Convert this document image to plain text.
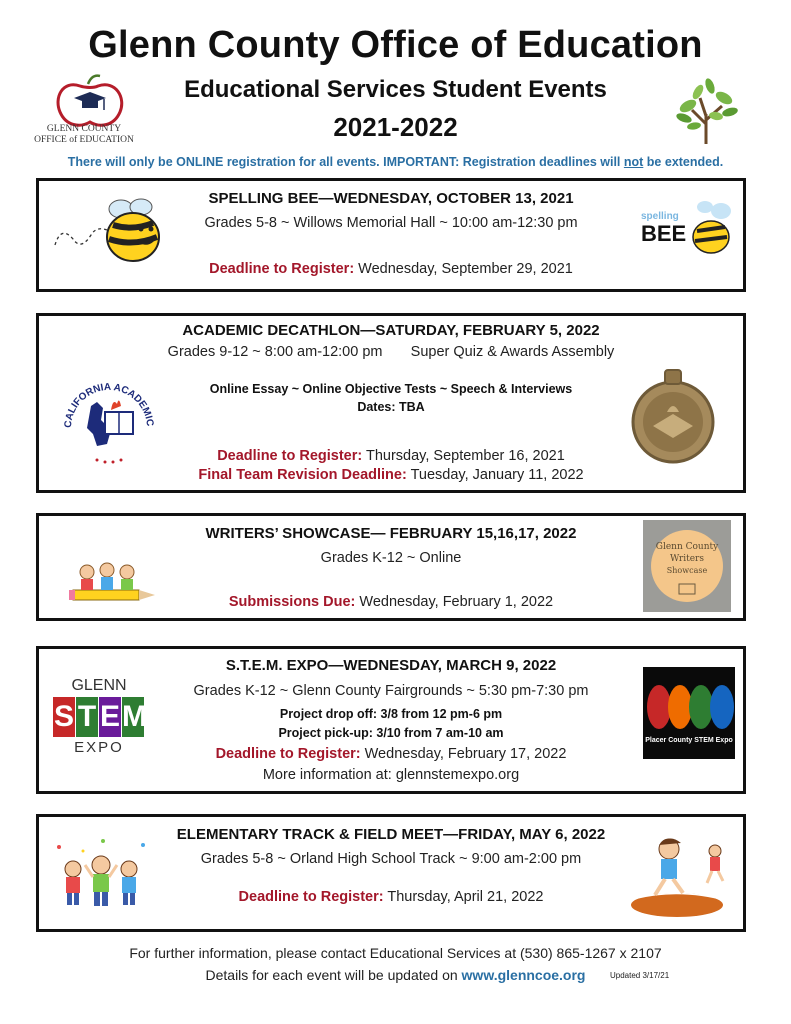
Glenn County Office of Education
Educational Services Student Events
2021-2022
GLENN COUNTY
OFFICE of EDUCATION
There will only be ONLINE registration for all events. IMPORTANT: Registration deadlines will not be extended.
SPELLING BEE—WEDNESDAY, OCTOBER 13, 2021
Grades 5-8 ~ Willows Memorial Hall ~ 10:00 am-12:30 pm
Deadline to Register: Wednesday, September 29, 2021
spelling
BEE
ACADEMIC DECATHLON—SATURDAY, FEBRUARY 5, 2022
Grades 9-12 ~ 8:00 am-12:00 pm       Super Quiz & Awards Assembly
Online Essay ~ Online Objective Tests ~ Speech & Interviews
Dates: TBA
Deadline to Register: Thursday, September 16, 2021
Final Team Revision Deadline: Tuesday, January 11, 2022
CALIFORNIA ACADEMIC
WRITERS’ SHOWCASE— FEBRUARY 15,16,17, 2022
Grades K-12 ~ Online
Submissions Due: Wednesday, February 1, 2022
Glenn County
Writers
Showcase
S.T.E.M. EXPO—WEDNESDAY, MARCH 9, 2022
Grades K-12 ~ Glenn County Fairgrounds ~ 5:30 pm-7:30 pm
Project drop off: 3/8 from 12 pm-6 pm
Project pick-up: 3/10 from 7 am-10 am
Deadline to Register: Wednesday, February 17, 2022
More information at: glennstemexpo.org
GLENN
S T E M
EXPO	Placer County STEM Expo
ELEMENTARY TRACK & FIELD MEET—FRIDAY, MAY 6, 2022
Grades 5-8 ~ Orland High School Track ~ 9:00 am-2:00 pm
Deadline to Register: Thursday, April 21, 2022
For further information, please contact Educational Services at (530) 865-1267 x 2107
Details for each event will be updated on www.glenncoe.org	Updated 3/17/21
